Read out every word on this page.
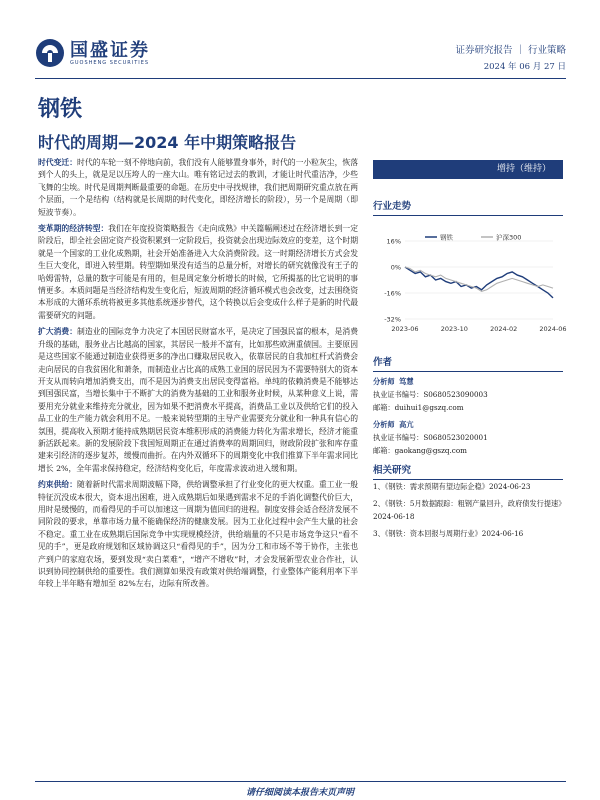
国盛证券
GUOSHENG SECURITIES
证券研究报告 ｜ 行业策略
2024 年 06 月 27 日
钢铁
时代的周期—2024 年中期策略报告

时代变迁：时代的车轮一刻不停地向前，我们没有人能够置身事外，时代的一小粒灰尘，恢落到个人的头上，就是足以压垮人的一座大山。唯有铭记过去的教训，才能让时代重洁净，少些飞舞的尘埃。时代是周期判断最重要的命题。在历史中寻找规律，我们把周期研究重点放在两个层面，一个是结构（结构就是长周期的时代变化，即经济增长的阶段），另一个是周期（即短波节奏）。

变革期的经济转型：我们在年度投资策略报告《走向成熟》中关篇幅阐述过在经济增长到一定阶段后，即全社会固定资产投资积累到一定阶段后，投资就会出现边际效应的变差，这个时期就是一个国家的工业化成熟期，社会开始准备进入大众消费阶段。这一时期经济增长方式会发生巨大变化，即进入转型期。转型期如果没有适当的总量分析，对增长的研究就像没有王子的哈姆雷特，总量的数字可能是有用的，但是周定象分析增长的时候，它所揭基的比它说明的事情更多。本质问题是当经济结构发生变化后，短波周期的经济循环模式也会改变，过去围绕资本形成的大循环系统将被更多其他系统逐步替代，这个转换以后会变成什么样子是新的时代最需要研究的问题。

扩大消费：制造业的国际竞争力决定了本国居民财富水平，是决定了国强民富的根本，是消费升级的基础，服务业占比越高的国家，其居民一般并不富有，比如那些欧洲重债国。主要原因是这些国家不能通过制造业获得更多的净出口赚取居民收入，依靠居民的自我加杠杆式消费会走向居民的自我贫困化和萧条，而制造业占比高的成熟工业国的居民因为不需要特别大的资本开支从而转向增加消费支出，而不是因为消费支出居民变得富裕。单纯的依赖消费是不能够达到国强民富，当增长集中于不断扩大的消费为基础的工业和服务业时候，从某种意义上说，需要用充分就业来维持充分就业，因为如果不把消费水平提高，消费品工业以及供给它们的投入品工业的生产能力就会利用不足。一般来说转型期的主导产业需要充分就业和一种具有信心的氛围，提高收入预期才能持成熟期居民资本维积形成的消费能力转化为需求增长，经济才能重新活跃起来。新的发展阶段下我国短周期正在通过消费率的周期回归，财政阶段扩张和库存重建来引经济的逐步复苏，缓慢而曲折。在内外双循环下的周期变化中我们推算下半年需求同比增长 2%，全年需求保持稳定，经济结构变化后，年度需求波动进入缓和期。

约束供给：随着新时代需求周期波幅下降，供给调整承担了行业变化的更大权重。重工业一般特征沉没成本很大，资本退出困难，进入成熟期后如果遇到需求不足的手消化调整代价巨大，用时是缓慢的，而看得见的手可以加速这一周期为值回归的进程。制度安排会适合经济发展不同阶段的要求，单靠市场力量不能确保经济的健康发展。因为工业化过程中会产生大量的社会不稳定。重工业在成熟期后国际竞争中实现规模经济，供给端量的不只是市场竞争这只“看不见的手”，更是政府规划和区域协调这只“看得见的手”，因为分工和市场不等于协作，主张也产到户的家庭农场，要到发现“卖白菜难”，“增产不增收”时，才会发展新型农业合作社，认识到协同控制供给的重要性。我们测算如果没有政策对供给端调整，行业整体产能利用率下半年较上半年略有增加至 82%左右，边际有所改善。

增持（维持）
行业走势
钢铁	沪深300
16%
0%
-16%
-32%
2023-06	2023-10	2024-02	2024-06
作者
分析师 笃慧
执业证书编号：S0680523090003
邮箱：duihui1@gszq.com
分析师 高亢
执业证书编号：S0680523020001
邮箱：gaokang@gszq.com
相关研究
1、《钢铁：需求预期有望边际企稳》2024-06-23
2、《钢铁：5月数据跟踪：粗钢产量回升，政府债发行提速》2024-06-18
3、《钢铁：资本回报与周期行业》2024-06-16
请仔细阅读本报告末页声明
